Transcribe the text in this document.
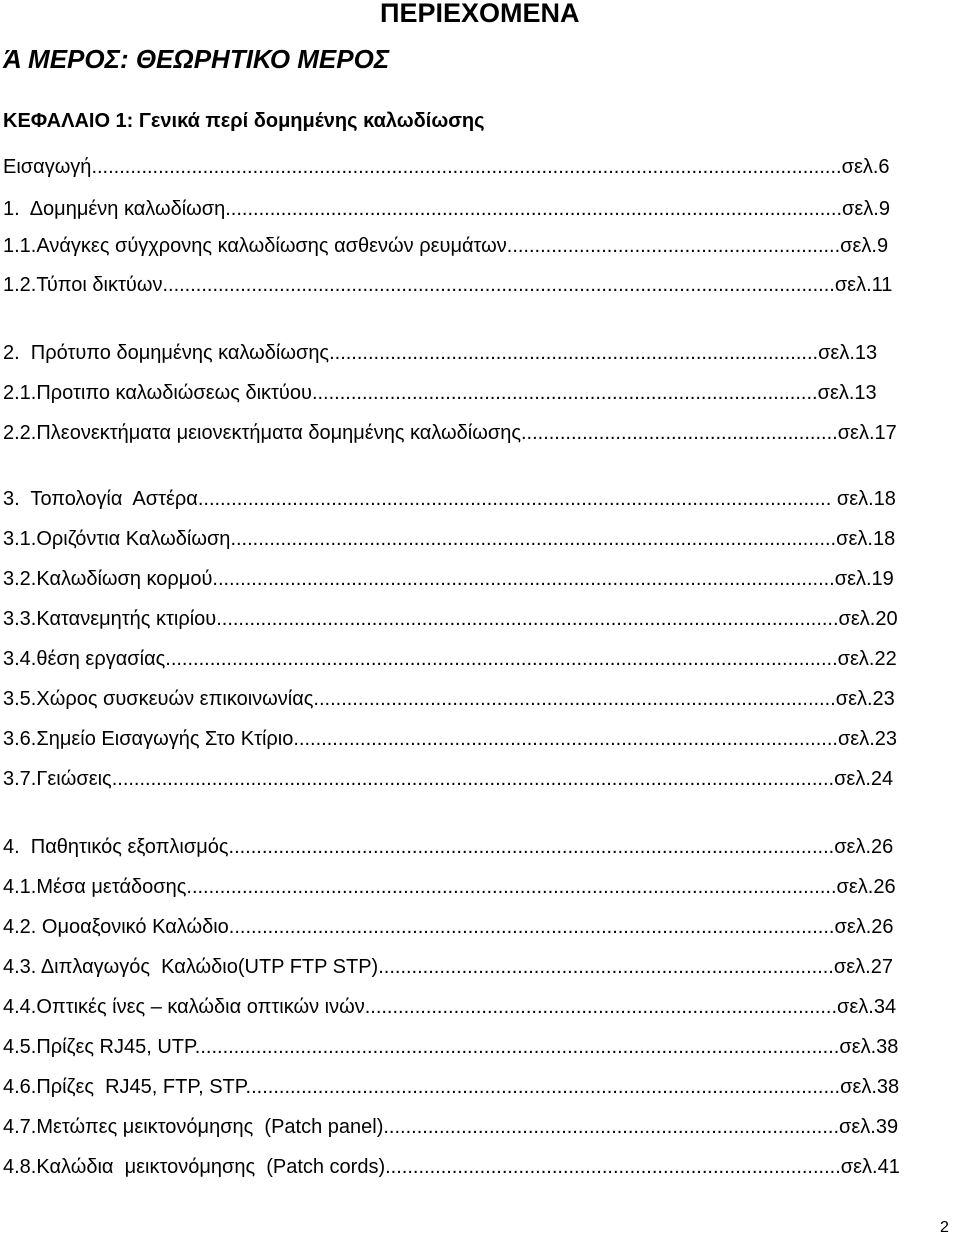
ΠΕΡΙΕΧΟΜΕΝΑ
Ά ΜΕΡΟΣ: ΘΕΩΡΗΤΙΚΟ ΜΕΡΟΣ
ΚΕΦΑΛΑΙΟ 1: Γενικά περί δομημένης καλωδίωσης
Εισαγωγή.......................................................................................................................................σελ.6
1.  Δομημένη καλωδίωση...............................................................................................................σελ.9
1.1.Ανάγκες σύγχρονης καλωδίωσης ασθενών ρευμάτων............................................................σελ.9
1.2.Τύποι δικτύων.........................................................................................................................σελ.11
2.  Πρότυπο δομημένης καλωδίωσης........................................................................................σελ.13
2.1.Προτιπο καλωδιώσεως δικτύου...........................................................................................σελ.13
2.2.Πλεονεκτήματα μειονεκτήματα δομημένης καλωδίωσης.........................................................σελ.17
3.  Τοπολογία  Αστέρα.................................................................................................................. σελ.18
3.1.Οριζόντια Καλωδίωση.............................................................................................................σελ.18
3.2.Καλωδίωση κορμού................................................................................................................σελ.19
3.3.Κατανεμητής κτιρίου................................................................................................................σελ.20
3.4.θέση εργασίας.........................................................................................................................σελ.22
3.5.Χώρος συσκευών επικοινωνίας..............................................................................................σελ.23
3.6.Σημείο Εισαγωγής Στο Κτίριο..................................................................................................σελ.23
3.7.Γειώσεις..................................................................................................................................σελ.24
4.  Παθητικός εξοπλισμός.............................................................................................................σελ.26
4.1.Μέσα μετάδοσης.....................................................................................................................σελ.26
4.2. Ομοαξονικό Καλώδιο.............................................................................................................σελ.26
4.3. Διπλαγωγός  Καλώδιο(UTP FTP STP)..................................................................................σελ.27
4.4.Οπτικές ίνες – καλώδια οπτικών ινών.....................................................................................σελ.34
4.5.Πρίζες RJ45, UTP....................................................................................................................σελ.38
4.6.Πρίζες  RJ45, FTP, STP...........................................................................................................σελ.38
4.7.Μετώπες μεικτονόμησης  (Patch panel)..................................................................................σελ.39
4.8.Καλώδια  μεικτονόμησης  (Patch cords)..................................................................................σελ.41
2
